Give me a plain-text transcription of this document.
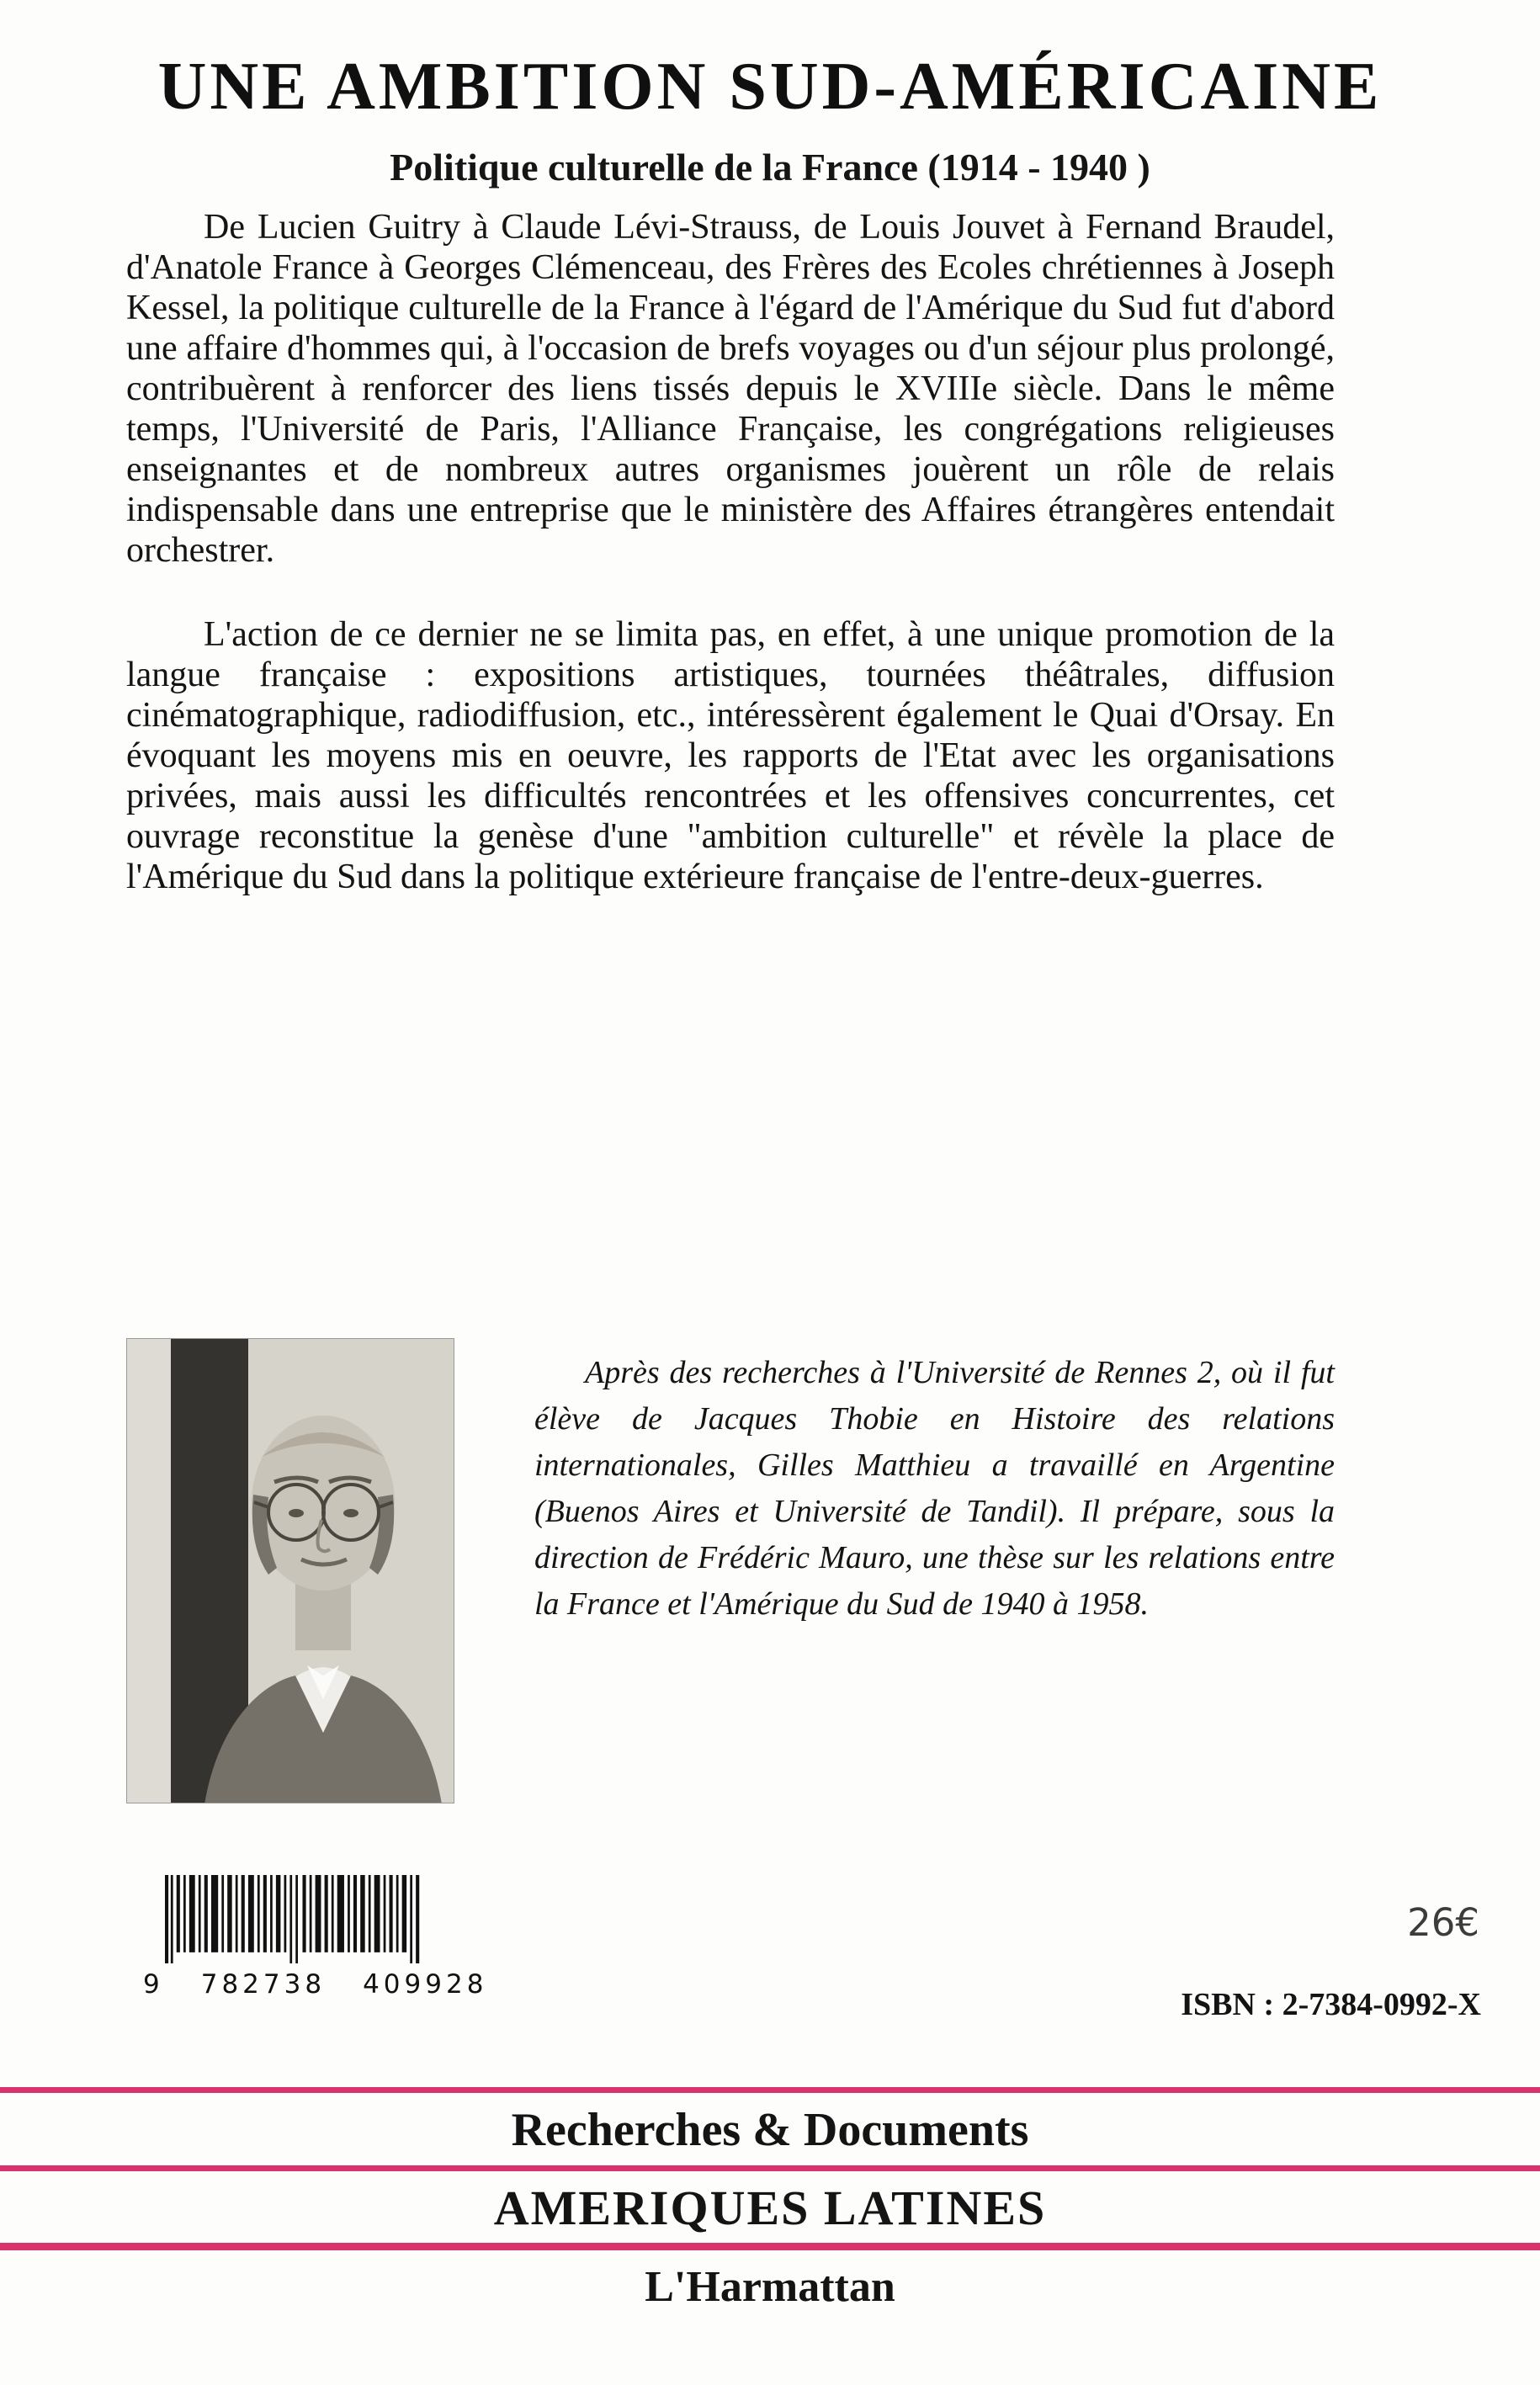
UNE AMBITION SUD-AMÉRICAINE
Politique culturelle de la France (1914 - 1940 )

De Lucien Guitry à Claude Lévi-Strauss, de Louis Jouvet à Fernand Braudel, d'Anatole France à Georges Clémenceau, des Frères des Ecoles chrétiennes à Joseph Kessel, la politique culturelle de la France à l'égard de l'Amérique du Sud fut d'abord une affaire d'hommes qui, à l'occasion de brefs voyages ou d'un séjour plus prolongé, contribuèrent à renforcer des liens tissés depuis le XVIIIe siècle. Dans le même temps, l'Université de Paris, l'Alliance Française, les congrégations religieuses enseignantes et de nombreux autres organismes jouèrent un rôle de relais indispensable dans une entreprise que le ministère des Affaires étrangères entendait orchestrer.

L'action de ce dernier ne se limita pas, en effet, à une unique promotion de la langue française : expositions artistiques, tournées théâtrales, diffusion cinématographique, radiodiffusion, etc., intéressèrent également le Quai d'Orsay. En évoquant les moyens mis en oeuvre, les rapports de l'Etat avec les organisations privées, mais aussi les difficultés rencontrées et les offensives concurrentes, cet ouvrage reconstitue la genèse d'une "ambition culturelle" et révèle la place de l'Amérique du Sud dans la politique extérieure française de l'entre-deux-guerres.

Après des recherches à l'Université de Rennes 2, où il fut élève de Jacques Thobie en Histoire des relations internationales, Gilles Matthieu a travaillé en Argentine (Buenos Aires et Université de Tandil). Il prépare, sous la direction de Frédéric Mauro, une thèse sur les relations entre la France et l'Amérique du Sud de 1940 à 1958.

9 782738 409928
26€
ISBN : 2-7384-0992-X
Recherches & Documents
AMERIQUES LATINES
L'Harmattan
